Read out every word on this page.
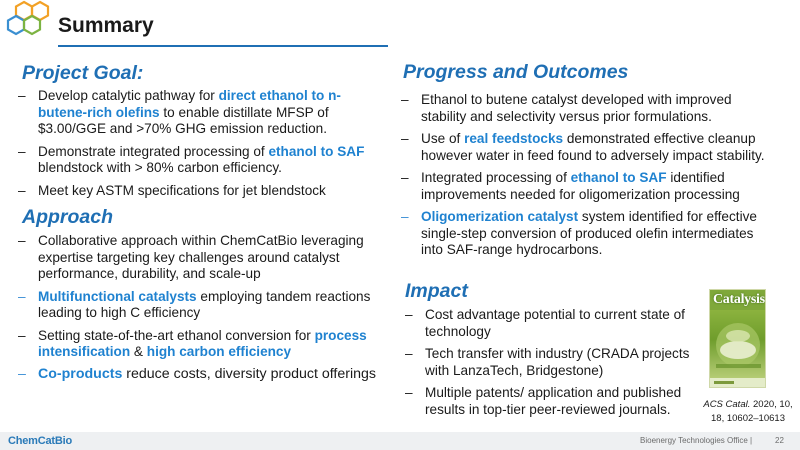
Summary
Project Goal:
– Develop catalytic pathway for direct ethanol to n-butene-rich olefins to enable distillate MFSP of $3.00/GGE and >70% GHG emission reduction.
– Demonstrate integrated processing of ethanol to SAF blendstock with > 80% carbon efficiency.
– Meet key ASTM specifications for jet blendstock
Approach
– Collaborative approach within ChemCatBio leveraging expertise targeting key challenges around catalyst performance, durability, and scale-up
– Multifunctional catalysts employing tandem reactions leading to high C efficiency
– Setting state-of-the-art ethanol conversion for process intensification & high carbon efficiency
– Co-products reduce costs, diversity product offerings
Progress and Outcomes
– Ethanol to butene catalyst developed with improved stability and selectivity versus prior formulations.
– Use of real feedstocks demonstrated effective cleanup however water in feed found to adversely impact stability.
– Integrated processing of ethanol to SAF identified improvements needed for oligomerization processing
– Oligomerization catalyst system identified for effective single-step conversion of produced olefin intermediates into SAF-range hydrocarbons.
Impact
– Cost advantage potential to current state of technology
– Tech transfer with industry (CRADA projects with LanzaTech, Bridgestone)
– Multiple patents/ application and published results in top-tier peer-reviewed journals.
Catalysis
ACS Catal. 2020, 10, 18, 10602–10613
ChemCatBio	Bioenergy Technologies Office |	22
